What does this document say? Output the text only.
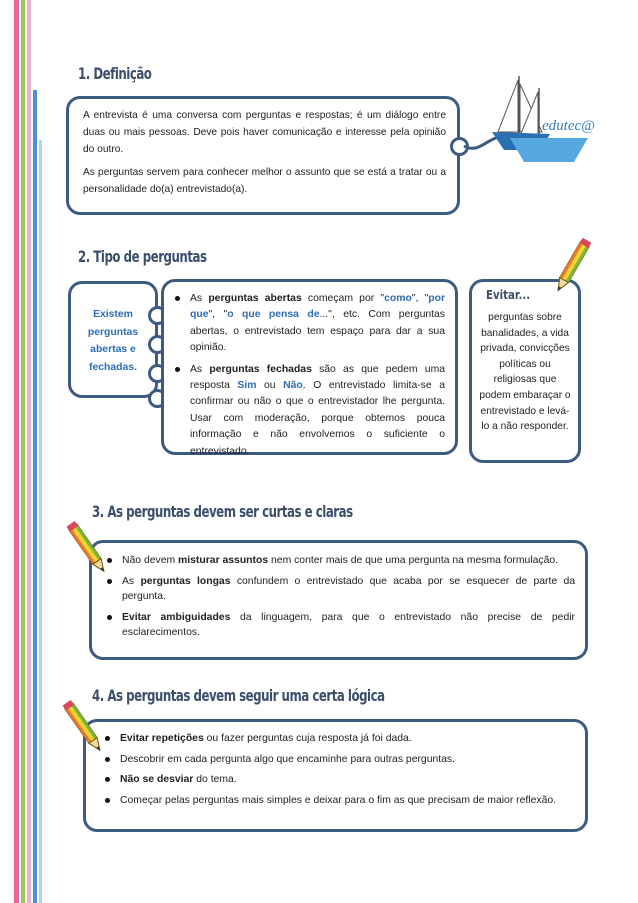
1. Definição

A entrevista é uma conversa com perguntas e respostas; é um diálogo entre duas ou mais pessoas. Deve pois haver comunicação e interesse pela opinião do outro.

As perguntas servem para conhecer melhor o assunto que se está a tratar ou a personalidade do(a) entrevistado(a).

edutec@
2. Tipo de perguntas
Existem perguntas abertas e fechadas.
As perguntas abertas começam por "como", "por que", "o que pensa de...", etc. Com perguntas abertas, o entrevistado tem espaço para dar a sua opinião.
As perguntas fechadas são as que pedem uma resposta Sim ou Não. O entrevistado limita-se a confirmar ou não o que o entrevistador lhe pergunta. Usar com moderação, porque obtemos pouca informação e não envolvemos o suficiente o entrevistado.
Evitar...
perguntas sobre banalidades, a vida privada, convicções políticas ou religiosas que podem embaraçar o entrevistado e levá-lo a não responder.
3. As perguntas devem ser curtas e claras
Não devem misturar assuntos nem conter mais de que uma pergunta na mesma formulação.
As perguntas longas confundem o entrevistado que acaba por se esquecer de parte da pergunta.
Evitar ambiguidades da linguagem, para que o entrevistado não precise de pedir esclarecimentos.
4. As perguntas devem seguir uma certa lógica
Evitar repetições ou fazer perguntas cuja resposta já foi dada.
Descobrir em cada pergunta algo que encaminhe para outras perguntas.
Não se desviar do tema.
Começar pelas perguntas mais simples e deixar para o fim as que precisam de maior reflexão.
